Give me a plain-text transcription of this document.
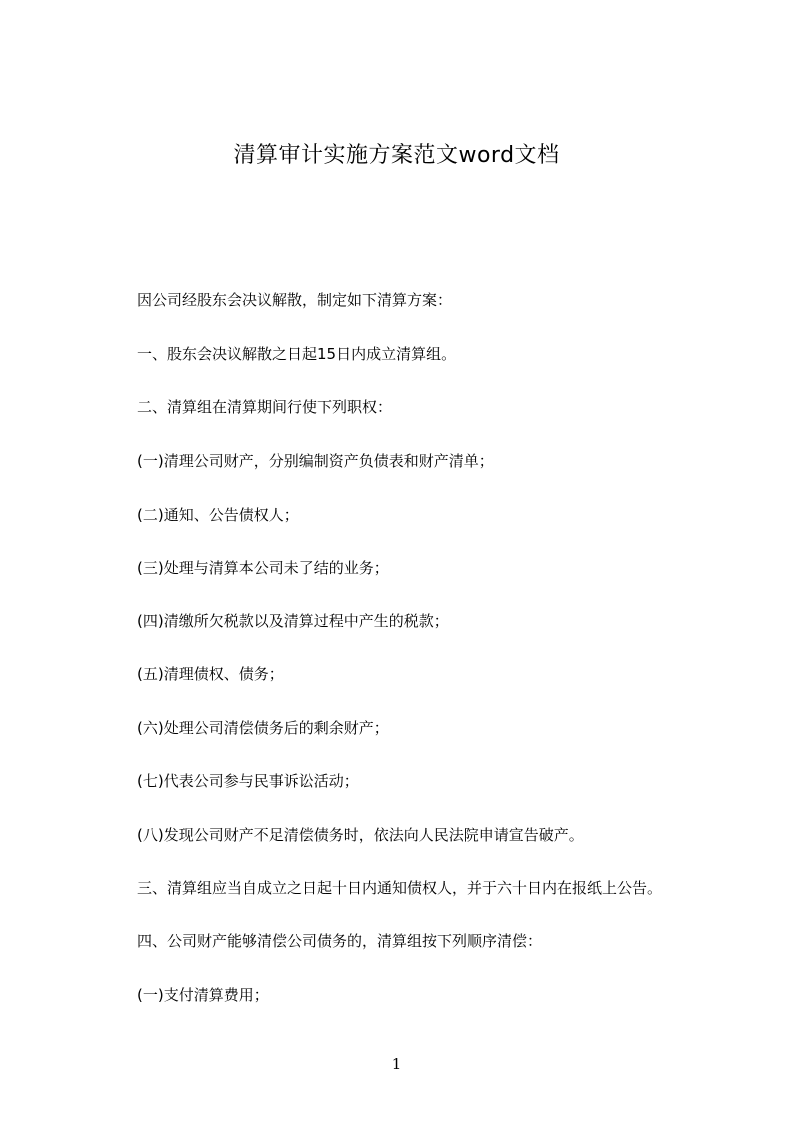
清算审计实施方案范文word文档
因公司经股东会决议解散，制定如下清算方案：
一、股东会决议解散之日起15日内成立清算组。
二、清算组在清算期间行使下列职权：
(一)清理公司财产，分别编制资产负债表和财产清单；
(二)通知、公告债权人；
(三)处理与清算本公司未了结的业务；
(四)清缴所欠税款以及清算过程中产生的税款；
(五)清理债权、债务；
(六)处理公司清偿债务后的剩余财产；
(七)代表公司参与民事诉讼活动；
(八)发现公司财产不足清偿债务时，依法向人民法院申请宣告破产。
三、清算组应当自成立之日起十日内通知债权人，并于六十日内在报纸上公告。
四、公司财产能够清偿公司债务的，清算组按下列顺序清偿：
(一)支付清算费用；
1
